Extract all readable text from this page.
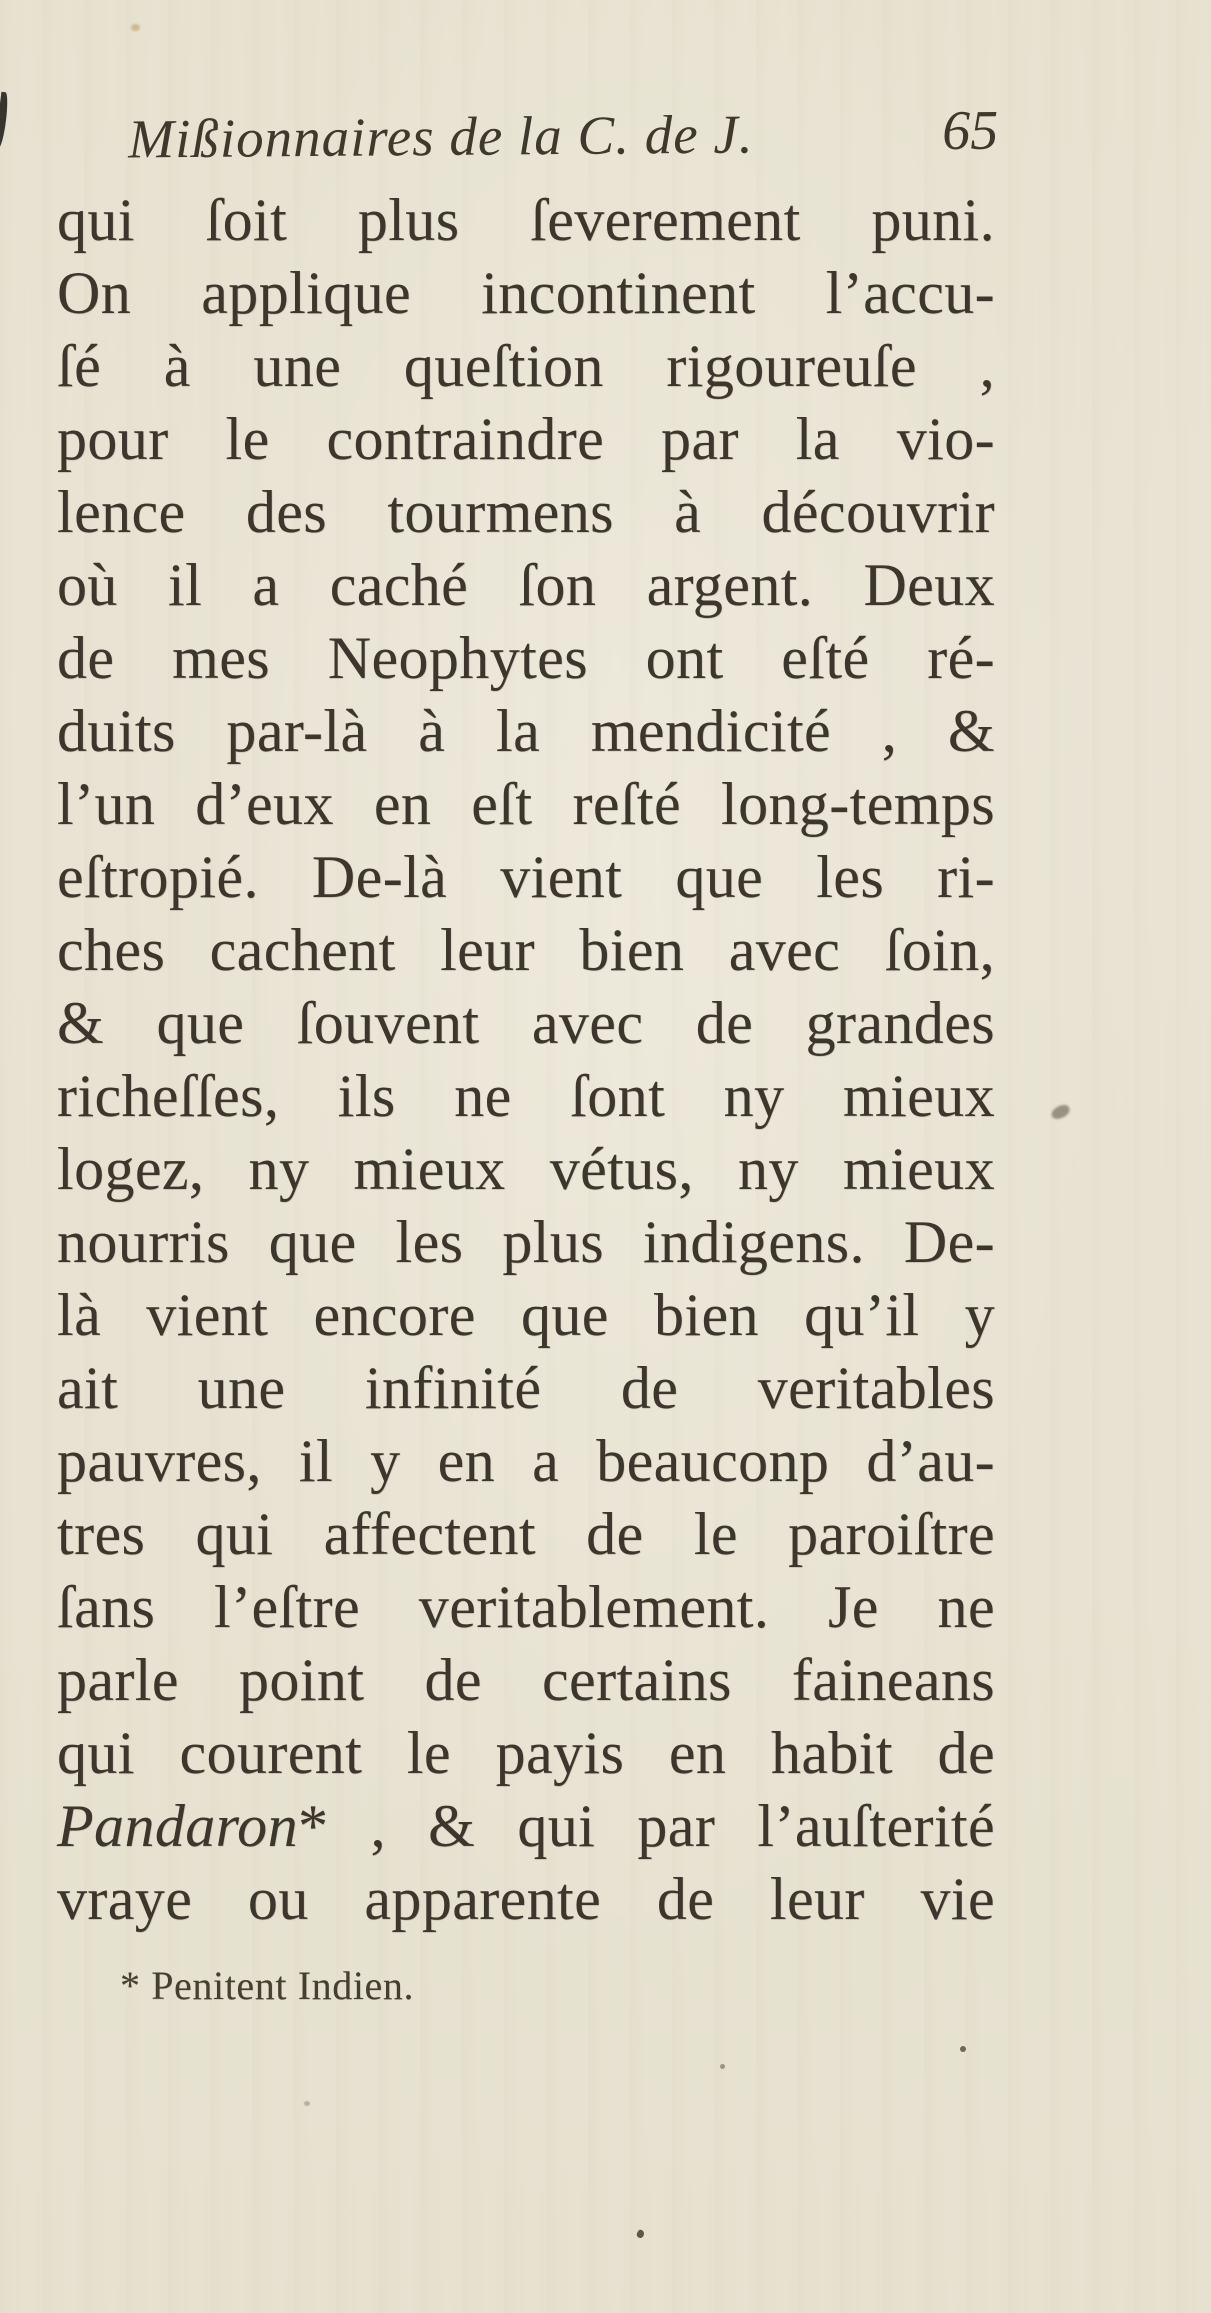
Mißionnaires de la C. de J.	65
qui ſoit plus ſeverement puni.
On applique incontinent l’accu-
ſé à une queſtion rigoureuſe ,
pour le contraindre par la vio-
lence des tourmens à découvrir
où il a caché ſon argent. Deux
de mes Neophytes ont eſté ré-
duits par-là à la mendicité , &
l’un d’eux en eſt reſté long-temps
eſtropié. De-là vient que les ri-
ches cachent leur bien avec ſoin,
& que ſouvent avec de grandes
richeſſes, ils ne ſont ny mieux
logez, ny mieux vétus, ny mieux
nourris que les plus indigens. De-
là vient encore que bien qu’il y
ait une infinité de veritables
pauvres, il y en a beauconp d’au-
tres qui affectent de le paroiſtre
ſans l’eſtre veritablement. Je ne
parle point de certains faineans
qui courent le payis en habit de
Pandaron* , & qui par l’auſterité
vraye ou apparente de leur vie
* Penitent Indien.
